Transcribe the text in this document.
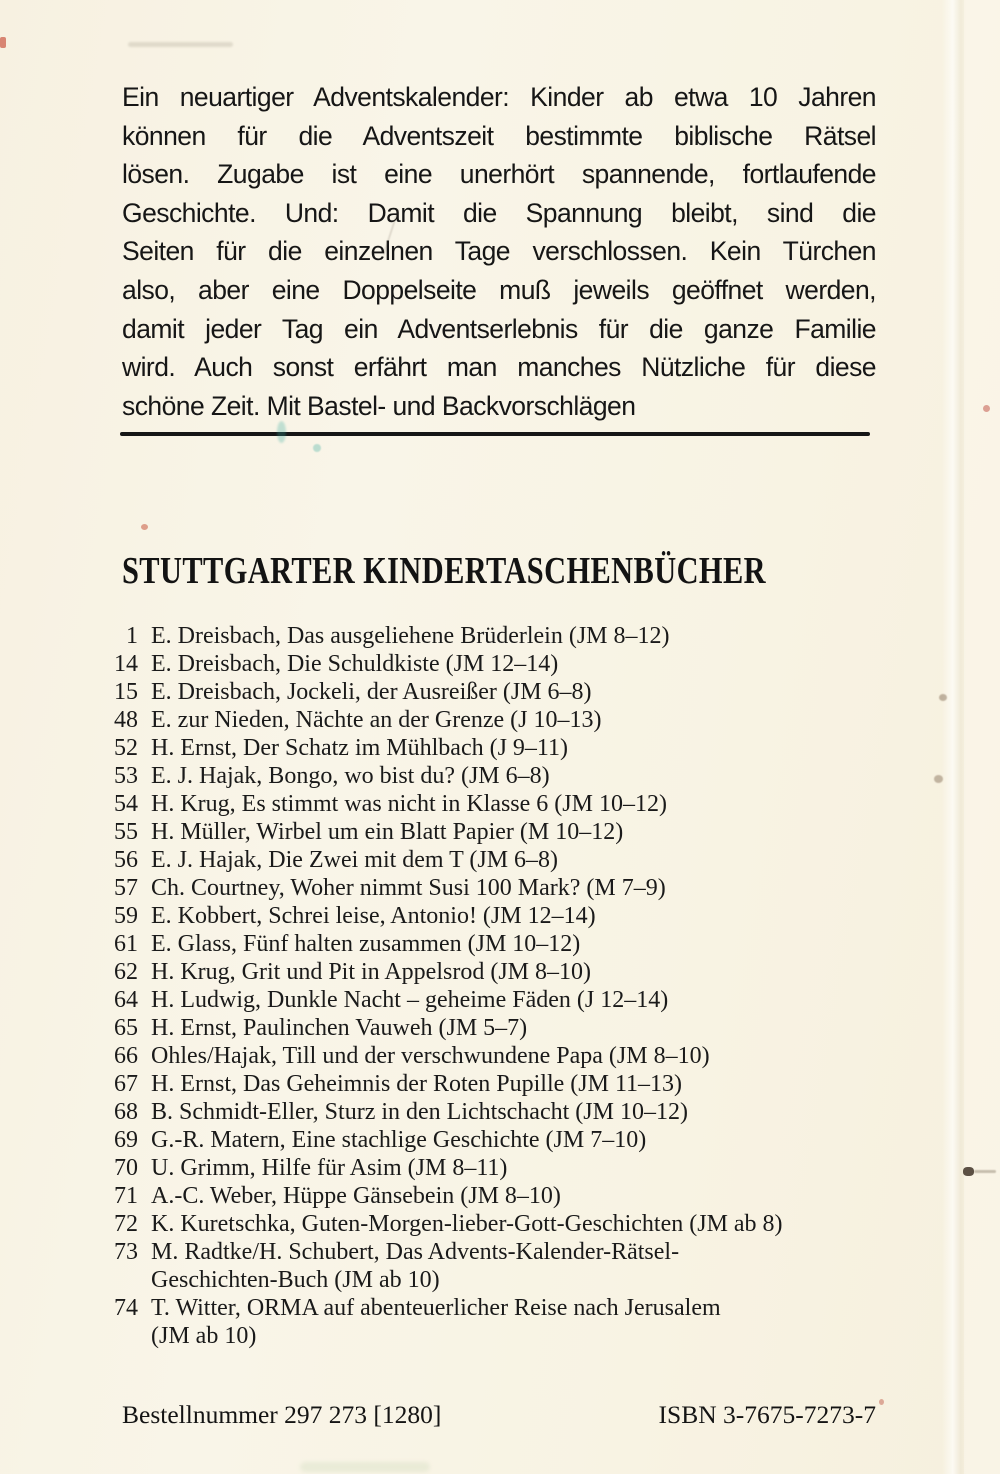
Ein neuartiger Adventskalender: Kinder ab etwa 10 Jahren
können für die Adventszeit bestimmte biblische Rätsel
lösen. Zugabe ist eine unerhört spannende, fortlaufende
Geschichte. Und: Damit die Spannung bleibt, sind die
Seiten für die einzelnen Tage verschlossen. Kein Türchen
also, aber eine Doppelseite muß jeweils geöffnet werden,
damit jeder Tag ein Adventserlebnis für die ganze Familie
wird. Auch sonst erfährt man manches Nützliche für diese
schöne Zeit. Mit Bastel- und Backvorschlägen
STUTTGARTER KINDERTASCHENBÜCHER
1 E. Dreisbach, Das ausgeliehene Brüderlein (JM 8–12)
14 E. Dreisbach, Die Schuldkiste (JM 12–14)
15 E. Dreisbach, Jockeli, der Ausreißer (JM 6–8)
48 E. zur Nieden, Nächte an der Grenze (J 10–13)
52 H. Ernst, Der Schatz im Mühlbach (J 9–11)
53 E. J. Hajak, Bongo, wo bist du? (JM 6–8)
54 H. Krug, Es stimmt was nicht in Klasse 6 (JM 10–12)
55 H. Müller, Wirbel um ein Blatt Papier (M 10–12)
56 E. J. Hajak, Die Zwei mit dem T (JM 6–8)
57 Ch. Courtney, Woher nimmt Susi 100 Mark? (M 7–9)
59 E. Kobbert, Schrei leise, Antonio! (JM 12–14)
61 E. Glass, Fünf halten zusammen (JM 10–12)
62 H. Krug, Grit und Pit in Appelsrod (JM 8–10)
64 H. Ludwig, Dunkle Nacht – geheime Fäden (J 12–14)
65 H. Ernst, Paulinchen Vauweh (JM 5–7)
66 Ohles/Hajak, Till und der verschwundene Papa (JM 8–10)
67 H. Ernst, Das Geheimnis der Roten Pupille (JM 11–13)
68 B. Schmidt-Eller, Sturz in den Lichtschacht (JM 10–12)
69 G.-R. Matern, Eine stachlige Geschichte (JM 7–10)
70 U. Grimm, Hilfe für Asim (JM 8–11)
71 A.-C. Weber, Hüppe Gänsebein (JM 8–10)
72 K. Kuretschka, Guten-Morgen-lieber-Gott-Geschichten (JM ab 8)
73 M. Radtke/H. Schubert, Das Advents-Kalender-Rätsel-
Geschichten-Buch (JM ab 10)
74 T. Witter, ORMA auf abenteuerlicher Reise nach Jerusalem
(JM ab 10)
Bestellnummer 297 273 [1280]	ISBN 3-7675-7273-7
